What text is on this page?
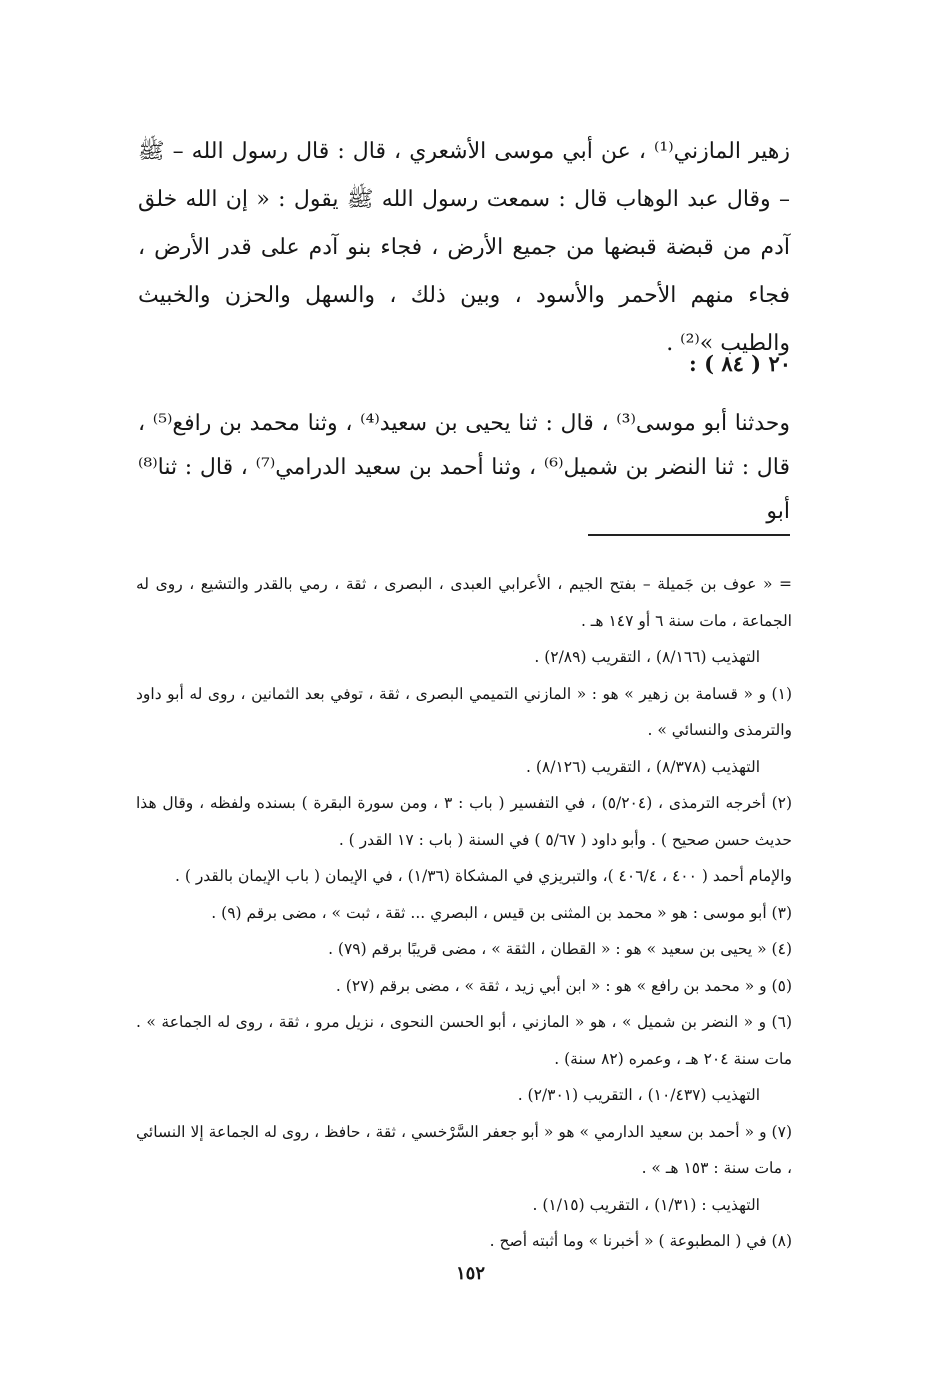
زهير المازني⁽¹⁾ ، عن أبي موسى الأشعري ، قال : قال رسول الله – ﷺ – وقال عبد الوهاب قال : سمعت رسول الله ﷺ يقول : « إن الله خلق آدم من قبضة قبضها من جميع الأرض ، فجاء بنو آدم على قدر الأرض ، فجاء منهم الأحمر والأسود ، وبين ذلك ، والسهل والحزن والخبيث والطيب »⁽²⁾ .

٢٠ ( ٨٤ ) :

وحدثنا أبو موسى⁽³⁾ ، قال : ثنا يحيى بن سعيد⁽⁴⁾ ، وثنا محمد بن رافع⁽⁵⁾ ، قال : ثنا النضر بن شميل⁽⁶⁾ ، وثنا أحمد بن سعيد الدرامي⁽⁷⁾ ، قال : ثنا⁽⁸⁾ أبو

= « عوف بن جَميلة – بفتح الجيم ، الأعرابي العبدى ، البصرى ، ثقة ، رمي بالقدر والتشيع ، روى له الجماعة ، مات سنة ٦ أو ١٤٧ هـ .

التهذيب (٨/١٦٦) ، التقريب (٢/٨٩) .

(١) و « قسامة بن زهير » هو : « المازني التميمي البصرى ، ثقة ، توفي بعد الثمانين ، روى له أبو داود والترمذى والنسائي » .

التهذيب (٨/٣٧٨) ، التقريب (٨/١٢٦) .

(٢) أخرجه الترمذى ، (٥/٢٠٤) ، في التفسير ( باب : ٣ ، ومن سورة البقرة ) بسنده ولفظه ، وقال هذا حديث حسن صحيح ) . وأبو داود ( ٥/٦٧ ) في السنة ( باب : ١٧ القدر ) .

والإمام أحمد ( ٤٠٠ ، ٤٠٦/٤ )، والتبريزي في المشكاة (١/٣٦) ، في الإيمان ( باب الإيمان بالقدر ) .

(٣) أبو موسى : هو « محمد بن المثنى بن قيس ، البصري ... ثقة ، ثبت » ، مضى برقم (٩) .

(٤) « يحيى بن سعيد » هو : « القطان ، الثقة » ، مضى قريبًا برقم (٧٩) .

(٥) و « محمد بن رافع » هو : « ابن أبي زيد ، ثقة » ، مضى برقم (٢٧) .

(٦) و « النضر بن شميل » ، هو « المازني ، أبو الحسن النحوى ، نزيل مرو ، ثقة ، روى له الجماعة » . مات سنة ٢٠٤ هـ ، وعمره (٨٢ سنة) .

التهذيب (١٠/٤٣٧) ، التقريب (٢/٣٠١) .

(٧) و « أحمد بن سعيد الدارمي » هو « أبو جعفر السَّرْخسي ، ثقة ، حافظ ، روى له الجماعة إلا النسائي ، مات سنة : ١٥٣ هـ » .

التهذيب : (١/٣١) ، التقريب (١/١٥) .

(٨) في ( المطبوعة ) « أخبرنا » وما أثبته أصح .

١٥٢
